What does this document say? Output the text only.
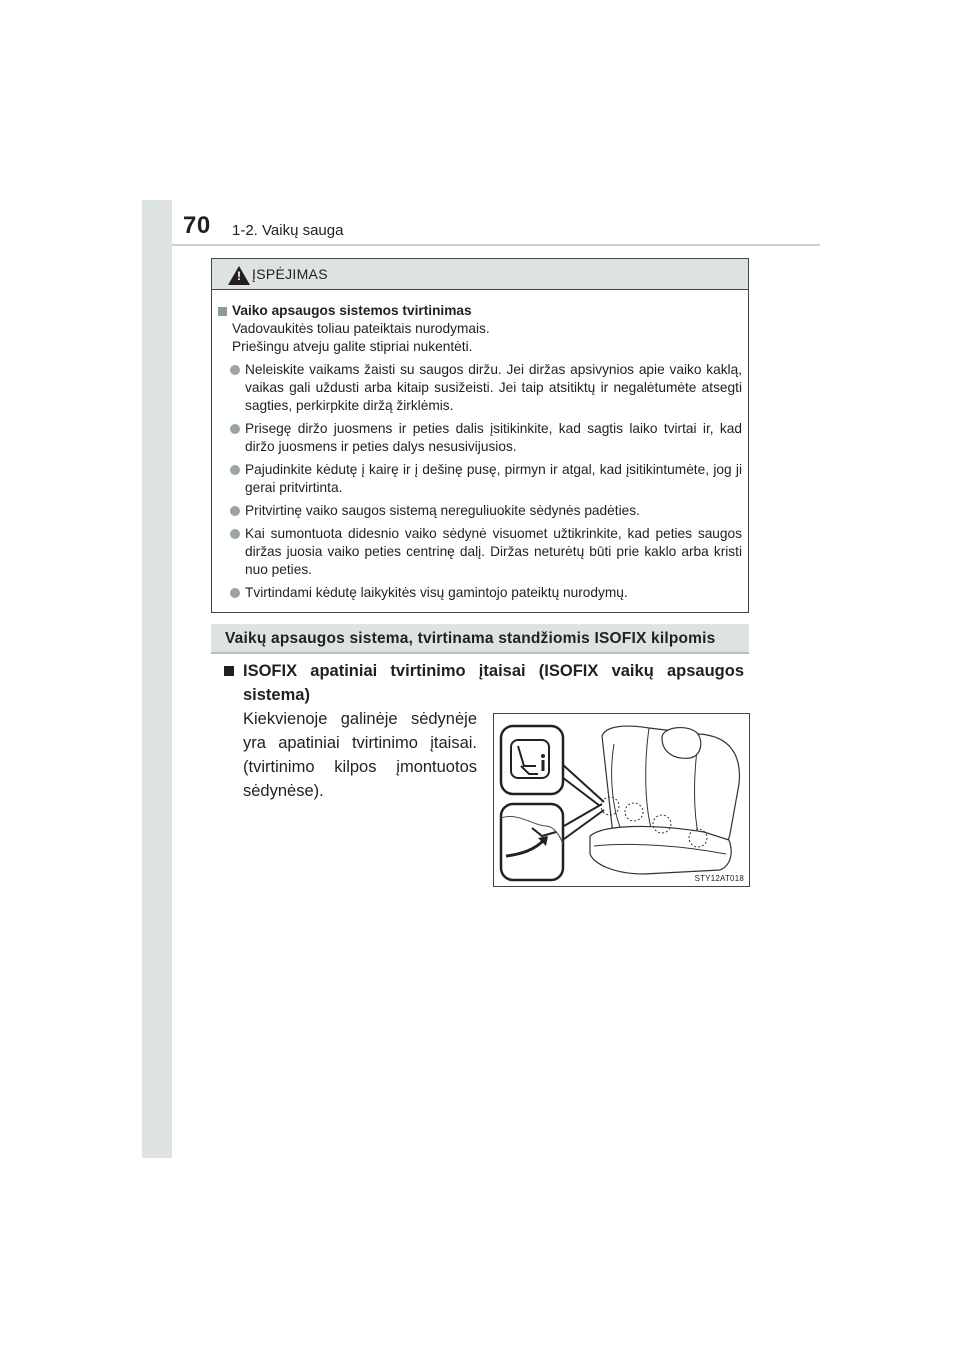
70 1-2. Vaikų sauga
! ĮSPĖJIMAS
Vaiko apsaugos sistemos tvirtinimas
Vadovaukitės toliau pateiktais nurodymais.
Priešingu atveju galite stipriai nukentėti.
Neleiskite vaikams žaisti su saugos diržu. Jei diržas apsivynios apie vaiko kaklą, vaikas gali uždusti arba kitaip susižeisti. Jei taip atsitiktų ir negalėtumėte atsegti sagties, perkirpkite diržą žirklėmis.
Prisegę diržo juosmens ir peties dalis įsitikinkite, kad sagtis laiko tvirtai ir, kad diržo juosmens ir peties dalys nesusivijusios.
Pajudinkite kėdutę į kairę ir į dešinę pusę, pirmyn ir atgal, kad įsitikintumėte, jog ji gerai pritvirtinta.
Pritvirtinę vaiko saugos sistemą nereguliuokite sėdynės padėties.
Kai sumontuota didesnio vaiko sėdynė visuomet užtikrinkite, kad peties saugos diržas juosia vaiko peties centrinę dalį. Diržas neturėtų būti prie kaklo arba kristi nuo peties.
Tvirtindami kėdutę laikykitės visų gamintojo pateiktų nurodymų.
Vaikų apsaugos sistema, tvirtinama standžiomis ISOFIX kilpomis
ISOFIX apatiniai tvirtinimo įtaisai (ISOFIX vaikų apsaugos sistema)
Kiekvienoje galinėje sėdynėje yra apatiniai tvirtinimo įtaisai. (tvirtinimo kilpos įmontuotos sėdynėse).
STY12AT018
